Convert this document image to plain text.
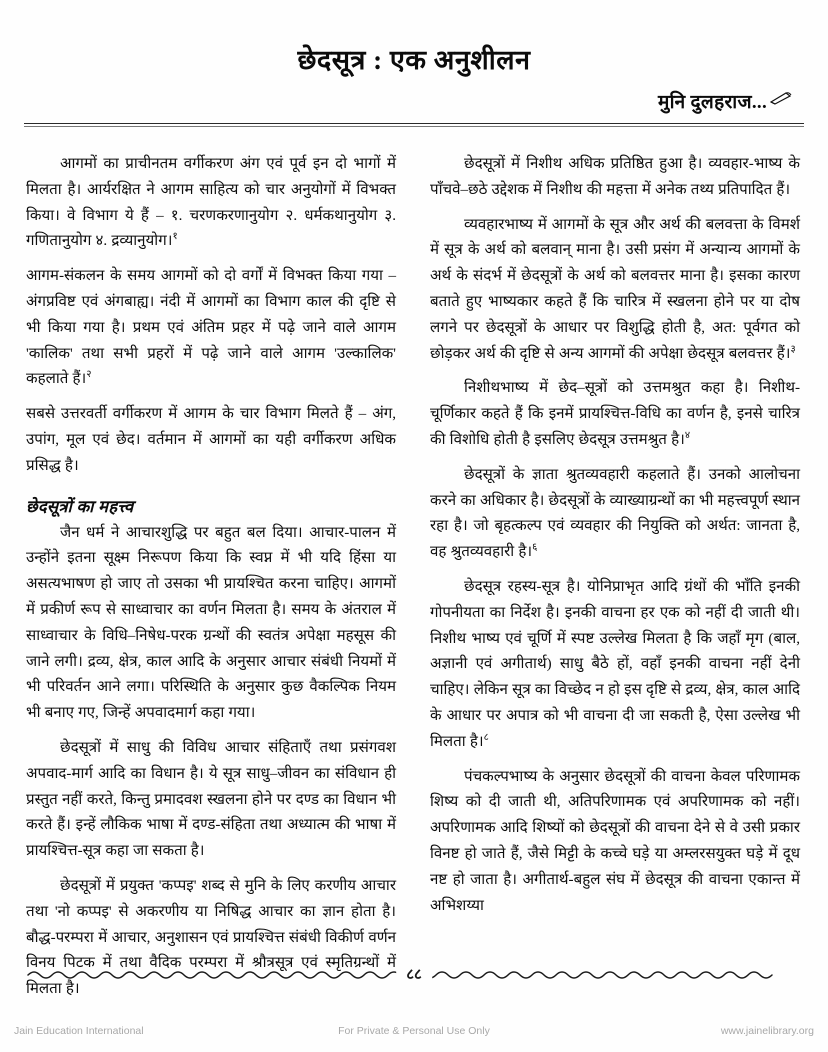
छेदसूत्र : एक अनुशीलन
मुनि दुलहराज...

आगमों का प्राचीनतम वर्गीकरण अंग एवं पूर्व इन दो भागों में मिलता है। आर्यरक्षित ने आगम साहित्य को चार अनुयोगों में विभक्त किया। वे विभाग ये हैं – १. चरणकरणानुयोग २. धर्मकथानुयोग ३. गणितानुयोग ४. द्रव्यानुयोग।$^१$

आगम-संकलन के समय आगमों को दो वर्गों में विभक्त किया गया – अंगप्रविष्ट एवं अंगबाह्य। नंदी में आगमों का विभाग काल की दृष्टि से भी किया गया है। प्रथम एवं अंतिम प्रहर में पढ़े जाने वाले आगम 'कालिक' तथा सभी प्रहरों में पढ़े जाने वाले आगम 'उल्कालिक' कहलाते हैं।$^२$

सबसे उत्तरवर्ती वर्गीकरण में आगम के चार विभाग मिलते हैं – अंग, उपांग, मूल एवं छेद। वर्तमान में आगमों का यही वर्गीकरण अधिक प्रसिद्ध है।

छेदसूत्रों का महत्त्व

जैन धर्म ने आचारशुद्धि पर बहुत बल दिया। आचार-पालन में उन्होंने इतना सूक्ष्म निरूपण किया कि स्वप्न में भी यदि हिंसा या असत्यभाषण हो जाए तो उसका भी प्रायश्चित करना चाहिए। आगमों में प्रकीर्ण रूप से साध्वाचार का वर्णन मिलता है। समय के अंतराल में साध्वाचार के विधि–निषेध-परक ग्रन्थों की स्वतंत्र अपेक्षा महसूस की जाने लगी। द्रव्य, क्षेत्र, काल आदि के अनुसार आचार संबंधी नियमों में भी परिवर्तन आने लगा। परिस्थिति के अनुसार कुछ वैकल्पिक नियम भी बनाए गए, जिन्हें अपवादमार्ग कहा गया।

छेदसूत्रों में साधु की विविध आचार संहिताएँ तथा प्रसंगवश अपवाद-मार्ग आदि का विधान है। ये सूत्र साधु–जीवन का संविधान ही प्रस्तुत नहीं करते, किन्तु प्रमादवश स्खलना होने पर दण्ड का विधान भी करते हैं। इन्हें लौकिक भाषा में दण्ड-संहिता तथा अध्यात्म की भाषा में प्रायश्चित्त-सूत्र कहा जा सकता है।

छेदसूत्रों में प्रयुक्त 'कप्पइ' शब्द से मुनि के लिए करणीय आचार तथा 'नो कप्पइ' से अकरणीय या निषिद्ध आचार का ज्ञान होता है। बौद्ध-परम्परा में आचार, अनुशासन एवं प्रायश्चित्त संबंधी विकीर्ण वर्णन विनय पिटक में तथा वैदिक परम्परा में श्रौत्रसूत्र एवं स्मृतिग्रन्थों में मिलता है।

छेदसूत्रों में निशीथ अधिक प्रतिष्ठित हुआ है। व्यवहार-भाष्य के पाँचवे–छठे उद्देशक में निशीथ की महत्ता में अनेक तथ्य प्रतिपादित हैं।

व्यवहारभाष्य में आगमों के सूत्र और अर्थ की बलवत्ता के विमर्श में सूत्र के अर्थ को बलवान् माना है। उसी प्रसंग में अन्यान्य आगमों के अर्थ के संदर्भ में छेदसूत्रों के अर्थ को बलवत्तर माना है। इसका कारण बताते हुए भाष्यकार कहते हैं कि चारित्र में स्खलना होने पर या दोष लगने पर छेदसूत्रों के आधार पर विशुद्धि होती है, अत: पूर्वगत को छोड़कर अर्थ की दृष्टि से अन्य आगमों की अपेक्षा छेदसूत्र बलवत्तर हैं।$^३$

निशीथभाष्य में छेद–सूत्रों को उत्तमश्रुत कहा है। निशीथ-चूर्णिकार कहते हैं कि इनमें प्रायश्चित्त-विधि का वर्णन है, इनसे चारित्र की विशोधि होती है इसलिए छेदसूत्र उत्तमश्रुत है।$^४$

छेदसूत्रों के ज्ञाता श्रुतव्यवहारी कहलाते हैं। उनको आलोचना करने का अधिकार है। छेदसूत्रों के व्याख्याग्रन्थों का भी महत्त्वपूर्ण स्थान रहा है। जो बृहत्कल्प एवं व्यवहार की नियुक्ति को अर्थत: जानता है, वह श्रुतव्यवहारी है।$^६$

छेदसूत्र रहस्य-सूत्र है। योनिप्राभृत आदि ग्रंथों की भाँति इनकी गोपनीयता का निर्देश है। इनकी वाचना हर एक को नहीं दी जाती थी। निशीथ भाष्य एवं चूर्णि में स्पष्ट उल्लेख मिलता है कि जहाँ मृग (बाल, अज्ञानी एवं अगीतार्थ) साधु बैठे हों, वहाँ इनकी वाचना नहीं देनी चाहिए। लेकिन सूत्र का विच्छेद न हो इस दृष्टि से द्रव्य, क्षेत्र, काल आदि के आधार पर अपात्र को भी वाचना दी जा सकती है, ऐसा उल्लेख भी मिलता है।$^८$

पंचकल्पभाष्य के अनुसार छेदसूत्रों की वाचना केवल परिणामक शिष्य को दी जाती थी, अतिपरिणामक एवं अपरिणामक को नहीं। अपरिणामक आदि शिष्यों को छेदसूत्रों की वाचना देने से वे उसी प्रकार विनष्ट हो जाते हैं, जैसे मिट्टी के कच्चे घड़े या अम्लरसयुक्त घड़े में दूध नष्ट हो जाता है। अगीतार्थ-बहुल संघ में छेदसूत्र की वाचना एकान्त में अभिशय्या

८८
Jain Education International	For Private & Personal Use Only	www.jainelibrary.org
